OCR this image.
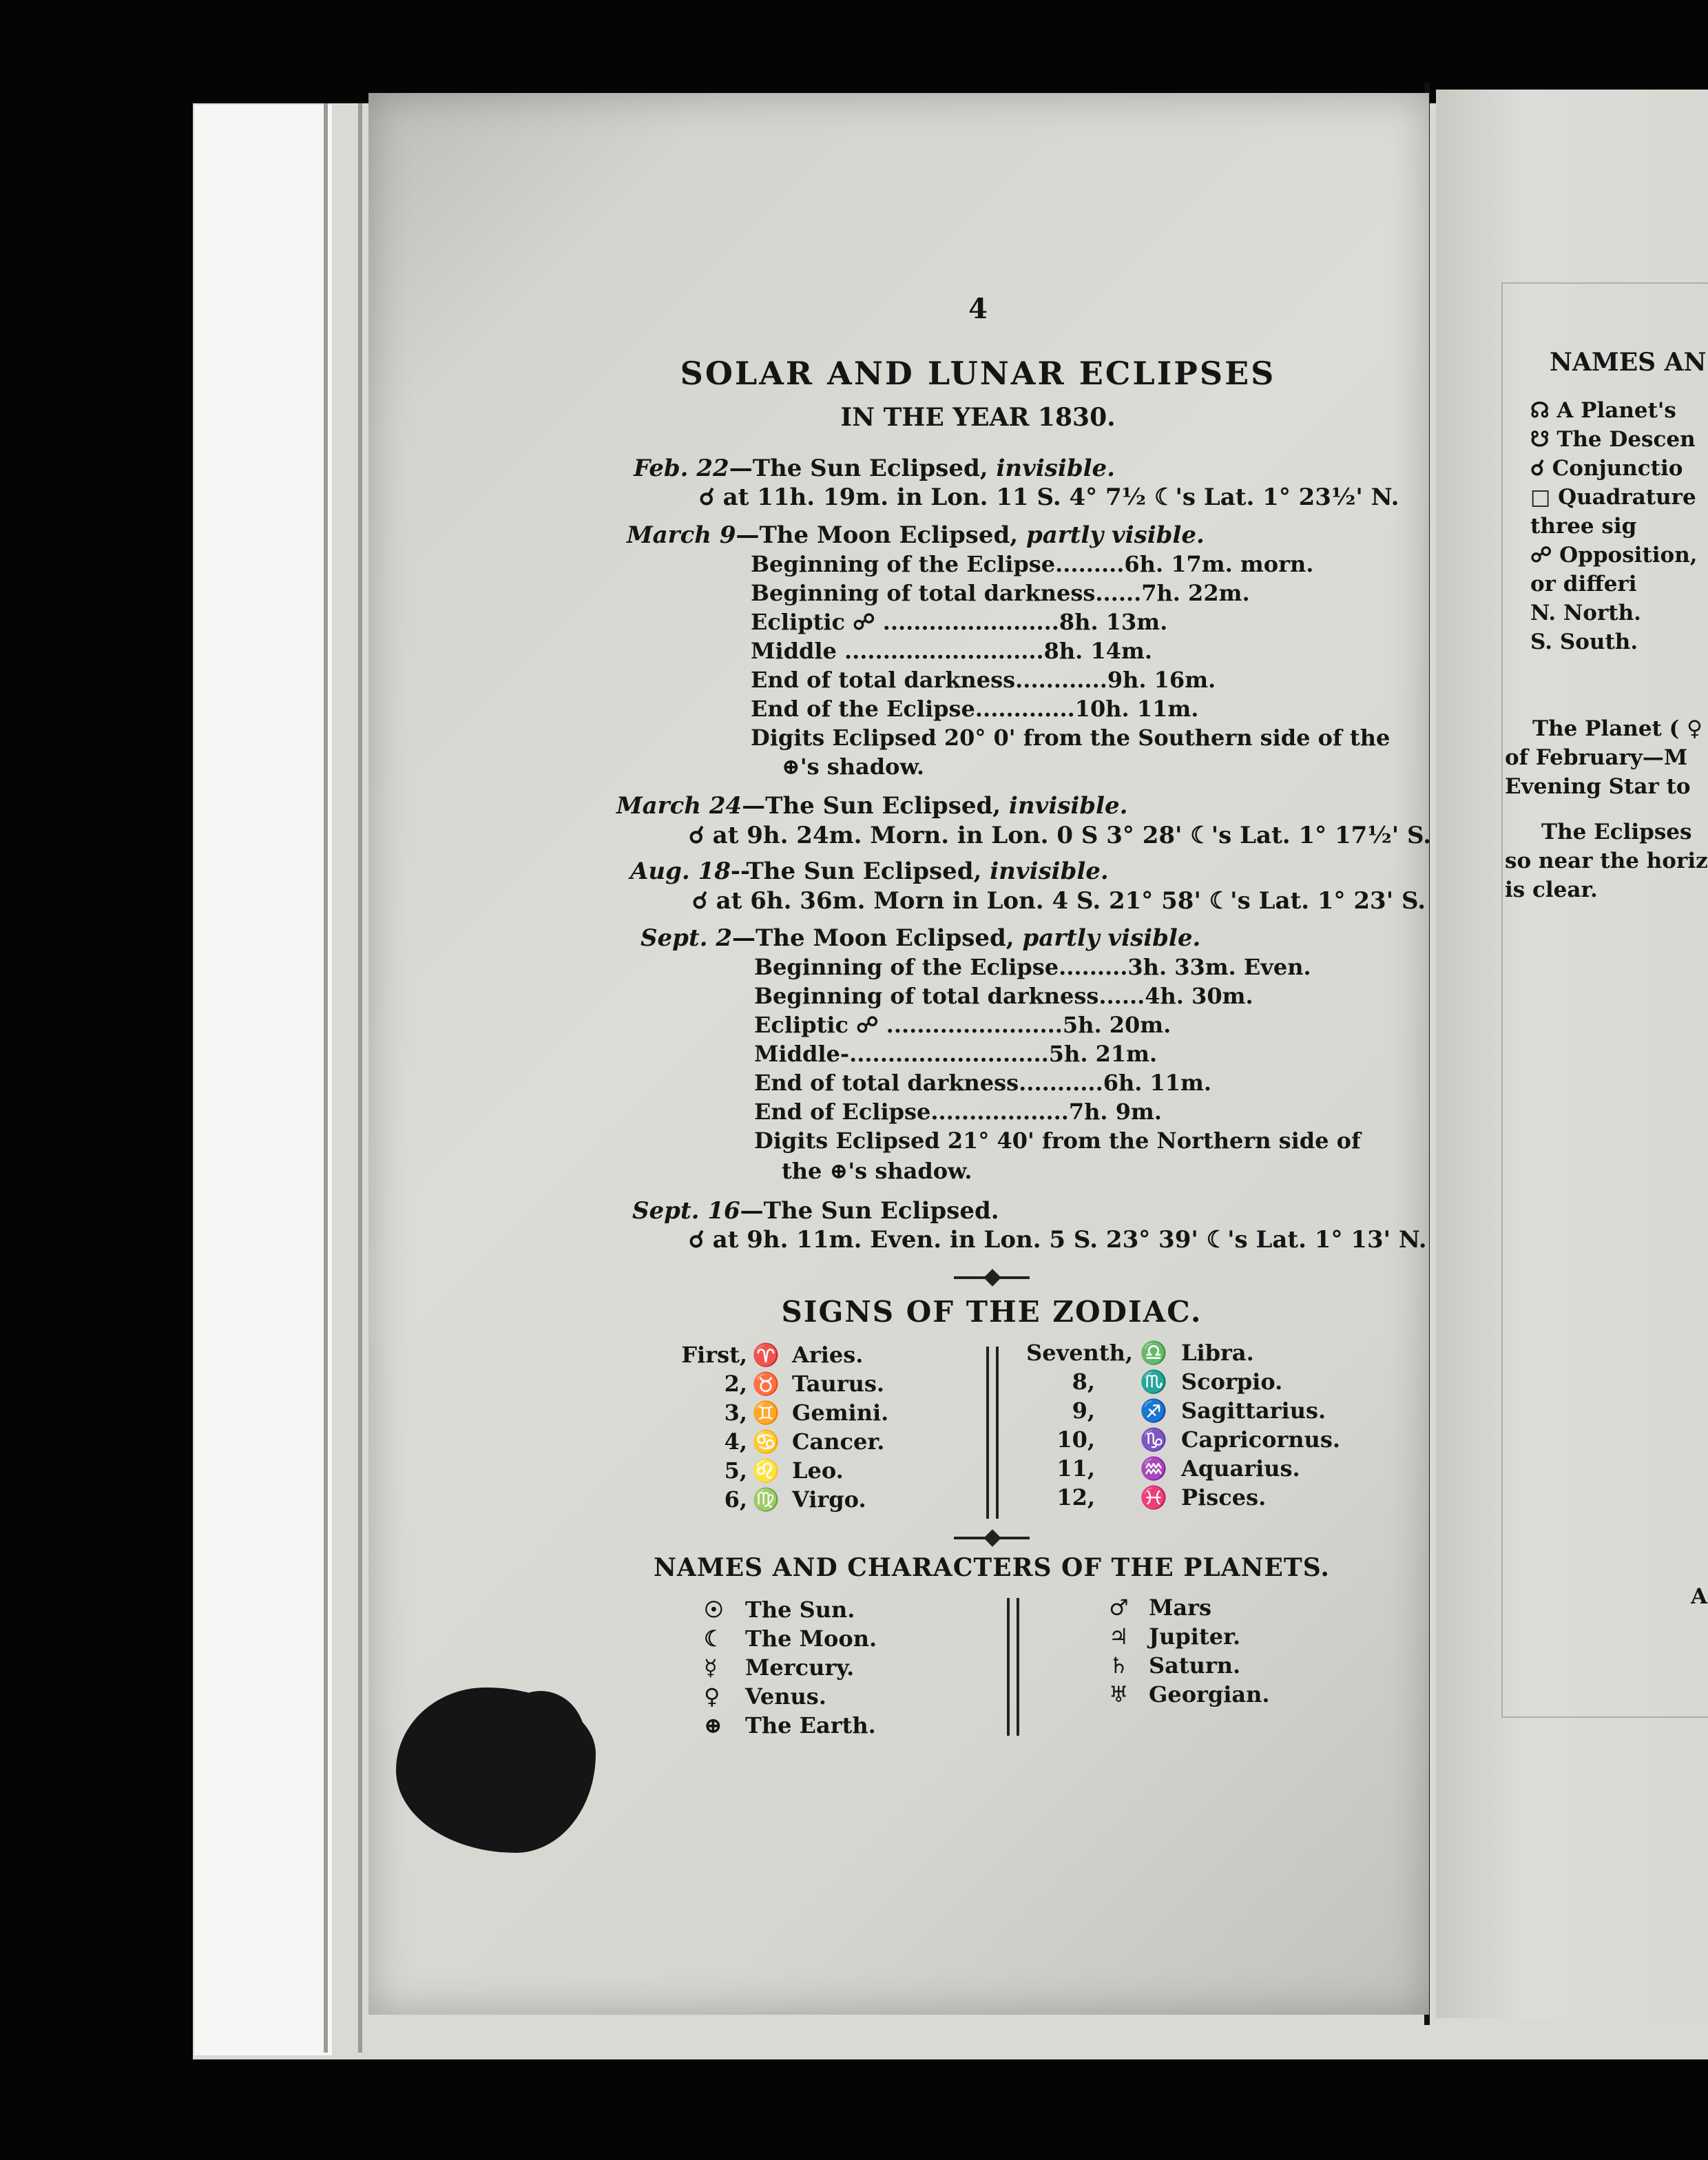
4
SOLAR AND LUNAR ECLIPSES
IN THE YEAR 1830.
Feb. 22—The Sun Eclipsed, invisible.
☌ at 11h. 19m. in Lon. 11 S. 4° 7½ ☾'s Lat. 1° 23½' N.
March 9—The Moon Eclipsed, partly visible.
Beginning of the Eclipse.........6h. 17m. morn.
Beginning of total darkness......7h. 22m.
Ecliptic ☍ .......................8h. 13m.
Middle ..........................8h. 14m.
End of total darkness............9h. 16m.
End of the Eclipse.............10h. 11m.
Digits Eclipsed 20° 0' from the Southern side of the
⊕'s shadow.
March 24—The Sun Eclipsed, invisible.
☌ at 9h. 24m. Morn. in Lon. 0 S 3° 28' ☾'s Lat. 1° 17½' S.
Aug. 18--The Sun Eclipsed, invisible.
☌ at 6h. 36m. Morn in Lon. 4 S. 21° 58' ☾'s Lat. 1° 23' S.
Sept. 2—The Moon Eclipsed, partly visible.
Beginning of the Eclipse.........3h. 33m. Even.
Beginning of total darkness......4h. 30m.
Ecliptic ☍ .......................5h. 20m.
Middle-..........................5h. 21m.
End of total darkness...........6h. 11m.
End of Eclipse..................7h. 9m.
Digits Eclipsed 21° 40' from the Northern side of
the ⊕'s shadow.
Sept. 16—The Sun Eclipsed.
☌ at 9h. 11m. Even. in Lon. 5 S. 23° 39' ☾'s Lat. 1° 13' N.
SIGNS OF THE ZODIAC.
First, ♈ Aries.
2, ♉ Taurus.
3, ♊ Gemini.
4, ♋ Cancer.
5, ♌ Leo.
6, ♍ Virgo.
Seventh, ♎ Libra.
8, ♏ Scorpio.
9, ♐ Sagittarius.
10, ♑ Capricornus.
11, ♒ Aquarius.
12, ♓ Pisces.
NAMES AND CHARACTERS OF THE PLANETS.
☉ The Sun.
☾ The Moon.
☿ Mercury.
♀ Venus.
⊕ The Earth.
♂ Mars
♃ Jupiter.
♄ Saturn.
♅ Georgian.
NAMES AN
☊ A Planet's
☋ The Descen
☌ Conjunctio
□ Quadrature
three sig
☍ Opposition,
or differi
N. North.
S. South.
The Planet ( ♀
of February—M
Evening Star to
The Eclipses
so near the horiz
is clear.
A
